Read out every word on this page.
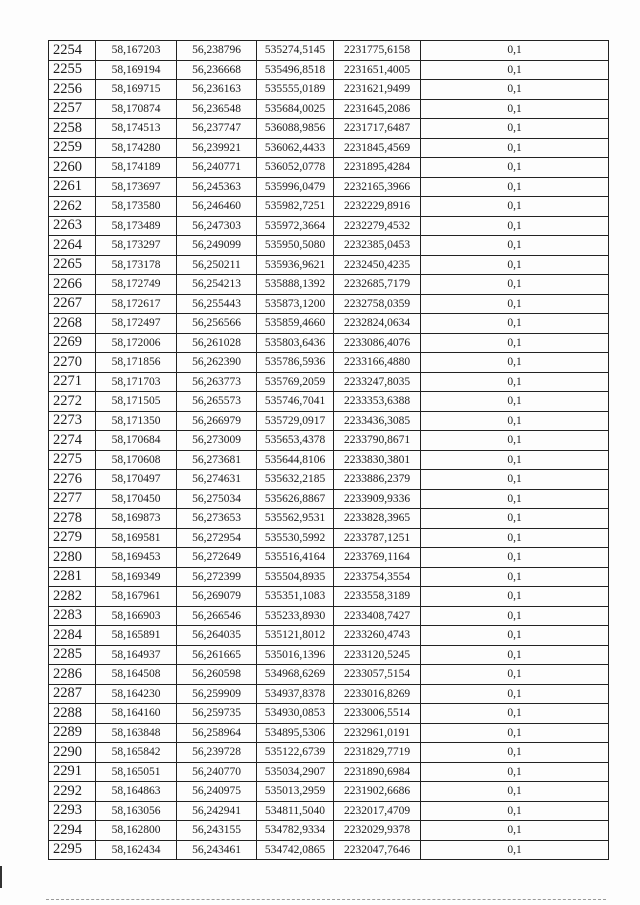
2254	58,167203	56,238796	535274,5145	2231775,6158	0,1
2255	58,169194	56,236668	535496,8518	2231651,4005	0,1
2256	58,169715	56,236163	535555,0189	2231621,9499	0,1
2257	58,170874	56,236548	535684,0025	2231645,2086	0,1
2258	58,174513	56,237747	536088,9856	2231717,6487	0,1
2259	58,174280	56,239921	536062,4433	2231845,4569	0,1
2260	58,174189	56,240771	536052,0778	2231895,4284	0,1
2261	58,173697	56,245363	535996,0479	2232165,3966	0,1
2262	58,173580	56,246460	535982,7251	2232229,8916	0,1
2263	58,173489	56,247303	535972,3664	2232279,4532	0,1
2264	58,173297	56,249099	535950,5080	2232385,0453	0,1
2265	58,173178	56,250211	535936,9621	2232450,4235	0,1
2266	58,172749	56,254213	535888,1392	2232685,7179	0,1
2267	58,172617	56,255443	535873,1200	2232758,0359	0,1
2268	58,172497	56,256566	535859,4660	2232824,0634	0,1
2269	58,172006	56,261028	535803,6436	2233086,4076	0,1
2270	58,171856	56,262390	535786,5936	2233166,4880	0,1
2271	58,171703	56,263773	535769,2059	2233247,8035	0,1
2272	58,171505	56,265573	535746,7041	2233353,6388	0,1
2273	58,171350	56,266979	535729,0917	2233436,3085	0,1
2274	58,170684	56,273009	535653,4378	2233790,8671	0,1
2275	58,170608	56,273681	535644,8106	2233830,3801	0,1
2276	58,170497	56,274631	535632,2185	2233886,2379	0,1
2277	58,170450	56,275034	535626,8867	2233909,9336	0,1
2278	58,169873	56,273653	535562,9531	2233828,3965	0,1
2279	58,169581	56,272954	535530,5992	2233787,1251	0,1
2280	58,169453	56,272649	535516,4164	2233769,1164	0,1
2281	58,169349	56,272399	535504,8935	2233754,3554	0,1
2282	58,167961	56,269079	535351,1083	2233558,3189	0,1
2283	58,166903	56,266546	535233,8930	2233408,7427	0,1
2284	58,165891	56,264035	535121,8012	2233260,4743	0,1
2285	58,164937	56,261665	535016,1396	2233120,5245	0,1
2286	58,164508	56,260598	534968,6269	2233057,5154	0,1
2287	58,164230	56,259909	534937,8378	2233016,8269	0,1
2288	58,164160	56,259735	534930,0853	2233006,5514	0,1
2289	58,163848	56,258964	534895,5306	2232961,0191	0,1
2290	58,165842	56,239728	535122,6739	2231829,7719	0,1
2291	58,165051	56,240770	535034,2907	2231890,6984	0,1
2292	58,164863	56,240975	535013,2959	2231902,6686	0,1
2293	58,163056	56,242941	534811,5040	2232017,4709	0,1
2294	58,162800	56,243155	534782,9334	2232029,9378	0,1
2295	58,162434	56,243461	534742,0865	2232047,7646	0,1
